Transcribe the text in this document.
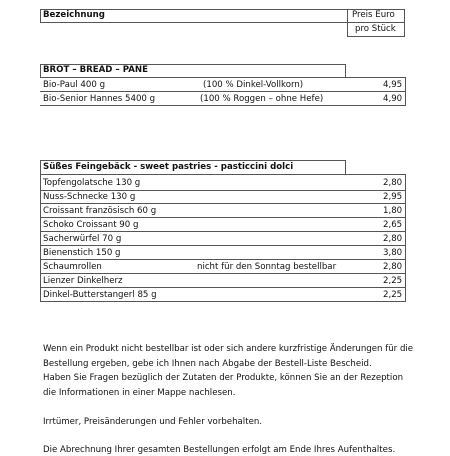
Bezeichnung	Preis Euro
pro Stück
BROT – BREAD – PANE
Bio-Paul 400 g	(100 % Dinkel-Vollkorn)	4,95
Bio-Senior Hannes 5400 g	(100 % Roggen – ohne Hefe)	4,90
Süßes Feingebäck - sweet pastries - pasticcini dolci
Topfengolatsche 130 g	2,80
Nuss-Schnecke 130 g	2,95
Croissant französisch 60 g	1,80
Schoko Croissant 90 g	2,65
Sacherwürfel 70 g	2,80
Bienenstich 150 g	3,80
Schaumrollen	nicht für den Sonntag bestellbar	2,80
Lienzer Dinkelherz	2,25
Dinkel-Butterstangerl 85 g	2,25
Wenn ein Produkt nicht bestellbar ist oder sich andere kurzfristige Änderungen für die
Bestellung ergeben, gebe ich Ihnen nach Abgabe der Bestell-Liste Bescheid.
Haben Sie Fragen bezüglich der Zutaten der Produkte, können Sie an der Rezeption
die Informationen in einer Mappe nachlesen.
Irrtümer, Preisänderungen und Fehler vorbehalten.
Die Abrechnung Ihrer gesamten Bestellungen erfolgt am Ende Ihres Aufenthaltes.
